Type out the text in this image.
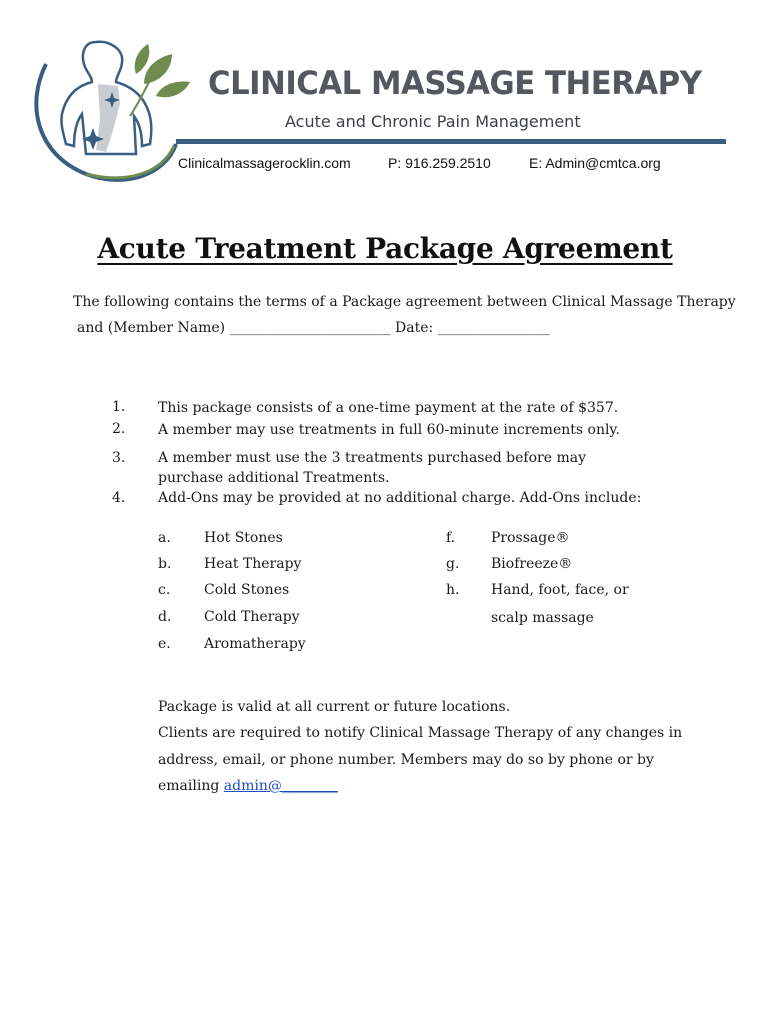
CLINICAL MASSAGE THERAPY
Acute and Chronic Pain Management
Clinicalmassagerocklin.com	P: 916.259.2510	E: Admin@cmtca.org
Acute Treatment Package Agreement
The following contains the terms of a Package agreement between Clinical Massage Therapy
and (Member Name) _______________________ Date: ________________
1. This package consists of a one-time payment at the rate of $357.
2. A member may use treatments in full 60-minute increments only.
3. A member must use the 3 treatments purchased before may purchase additional Treatments.
4. Add-Ons may be provided at no additional charge. Add-Ons include:
a. Hot Stones
b. Heat Therapy
c. Cold Stones
d. Cold Therapy
e. Aromatherapy
f.	Prossage®
g. Biofreeze®
h. Hand, foot, face, or
scalp massage
Package is valid at all current or future locations.
Clients are required to notify Clinical Massage Therapy of any changes in
address, email, or phone number. Members may do so by phone or by
emailing admin@________
